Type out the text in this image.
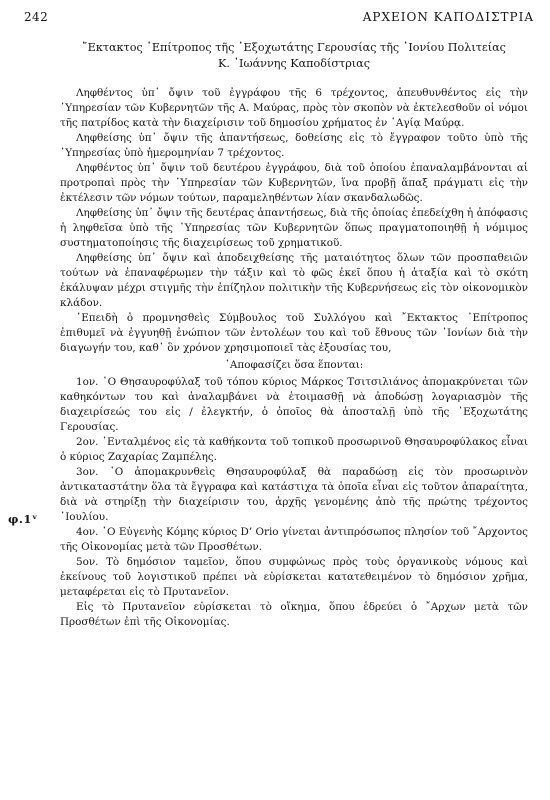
242	ΑΡΧΕΙΟΝ ΚΑΠΟΔΙΣΤΡΙΑ
φ.1ᵛ
῎Εκτακτος ᾿Επίτροπος τῆς ᾿Εξοχωτάτης Γερουσίας τῆς ᾿Ιονίου Πολιτείας
Κ. ᾿Ιωάννης Καποδίστριας

Ληφθέντος ὑπ᾿ ὄψιν τοῦ ἐγγράφου τῆς 6 τρέχοντος, ἀπευθυνθέντος εἰς τὴν ῾Υπηρεσίαν τῶν Κυβερνητῶν τῆς Α. Μαύρας, πρὸς τὸν σκοπὸν νὰ ἐκτελεσθοῦν οἱ νόμοι τῆς πατρίδος κατὰ τὴν διαχείρισιν τοῦ δημοσίου χρήματος ἐν ῾Αγίᾳ Μαύρᾳ.

Ληφθείσης ὑπ᾿ ὄψιν τῆς ἀπαντήσεως, δοθείσης εἰς τὸ ἔγγραφον τοῦτο ὑπὸ τῆς ῾Υπηρεσίας ὑπὸ ἡμερομηνίαν 7 τρέχοντος.

Ληφθέντος ὑπ᾿ ὄψιν τοῦ δευτέρου ἐγγράφου, διὰ τοῦ ὁποίου ἐπαναλαμβάνονται αἱ προτροπαὶ πρὸς τὴν ῾Υπηρεσίαν τῶν Κυβερνητῶν, ἵνα προβῇ ἅπαξ πράγματι εἰς τὴν ἐκτέλεσιν τῶν νόμων τούτων, παραμεληθέντων λίαν σκανδαλωδῶς.

Ληφθείσης ὑπ᾿ ὄψιν τῆς δευτέρας ἀπαντήσεως, διὰ τῆς ὁποίας ἐπεδείχθη ἡ ἀπόφασις ἡ ληφθεῖσα ὑπὸ τῆς ῾Υπηρεσίας τῶν Κυβερνητῶν ὅπως πραγματοποιηθῇ ἡ νόμιμος συστηματοποίησις τῆς διαχειρίσεως τοῦ χρηματικοῦ.

Ληφθείσης ὑπ᾿ ὄψιν καὶ ἀποδειχθείσης τῆς ματαιότητος ὅλων τῶν προσπαθειῶν τούτων νὰ ἐπαναφέρωμεν τὴν τάξιν καὶ τὸ φῶς ἐκεῖ ὅπου ἡ ἀταξία καὶ τὸ σκότη ἐκάλυψαν μέχρι στιγμῆς τὴν ἐπίζηλον πολιτικὴν τῆς Κυβερνήσεως εἰς τὸν οἰκονομικὸν κλάδον.

᾿Επειδὴ ὁ προμνησθεὶς Σύμβουλος τοῦ Συλλόγου καὶ ῎Εκτακτος ᾿Επίτροπος ἐπιθυμεῖ νὰ ἐγγυηθῇ ἐνώπιον τῶν ἐντολέων του καὶ τοῦ ἔθνους τῶν ᾿Ιονίων διὰ τὴν διαγωγήν του, καθ᾿ ὃν χρόνον χρησιμοποιεῖ τὰς ἐξουσίας του,

᾿Αποφασίζει ὅσα ἕπονται:

1ον. ῾Ο Θησαυροφύλαξ τοῦ τόπου κύριος Μάρκος Τσιτσιλιάνος ἀπομακρύνεται τῶν καθηκόντων του καὶ ἀναλαμβάνει νὰ ἑτοιμασθῇ νὰ ἀποδώσῃ λογαριασμὸν τῆς διαχειρίσεώς του εἰς / ἐλεγκτήν, ὁ ὁποῖος θὰ ἀποσταλῇ ὑπὸ τῆς ᾿Εξοχωτάτης Γερουσίας.

2ον. ᾿Ενταλμένος εἰς τὰ καθήκοντα τοῦ τοπικοῦ προσωρινοῦ Θησαυροφύλακος εἶναι ὁ κύριος Ζαχαρίας Ζαμπέλης.

3ον. ῾Ο ἀπομακρυνθεὶς Θησαυροφύλαξ θὰ παραδώσῃ εἰς τὸν προσωρινὸν ἀντικαταστάτην ὅλα τὰ ἔγγραφα καὶ κατάστιχα τὰ ὁποῖα εἶναι εἰς τοῦτον ἀπαραίτητα, διὰ νὰ στηρίξῃ τὴν διαχείρισιν του, ἀρχῆς γενομένης ἀπὸ τῆς πρώτης τρέχοντος ᾿Ιουλίου.

4ον. ῾Ο Εὐγενὴς Κόμης κύριος D’ Orio γίνεται ἀντιπρόσωπος πλησίον τοῦ ῎Αρχοντος τῆς Οἰκονομίας μετὰ τῶν Προσθέτων.

5ον. Τὸ δημόσιον ταμεῖον, ὅπου συμφώνως πρὸς τοὺς ὀργανικοὺς νόμους καὶ ἐκείνους τοῦ λογιστικοῦ πρέπει νὰ εὑρίσκεται κατατεθειμένον τὸ δημόσιον χρῆμα, μεταφέρεται εἰς τὸ Πρυτανεῖον.

Εἰς τὸ Πρυτανεῖον εὑρίσκεται τὸ οἴκημα, ὅπου ἑδρεύει ὁ ῎Αρχων μετὰ τῶν Προσθέτων ἐπὶ τῆς Οἰκονομίας.
